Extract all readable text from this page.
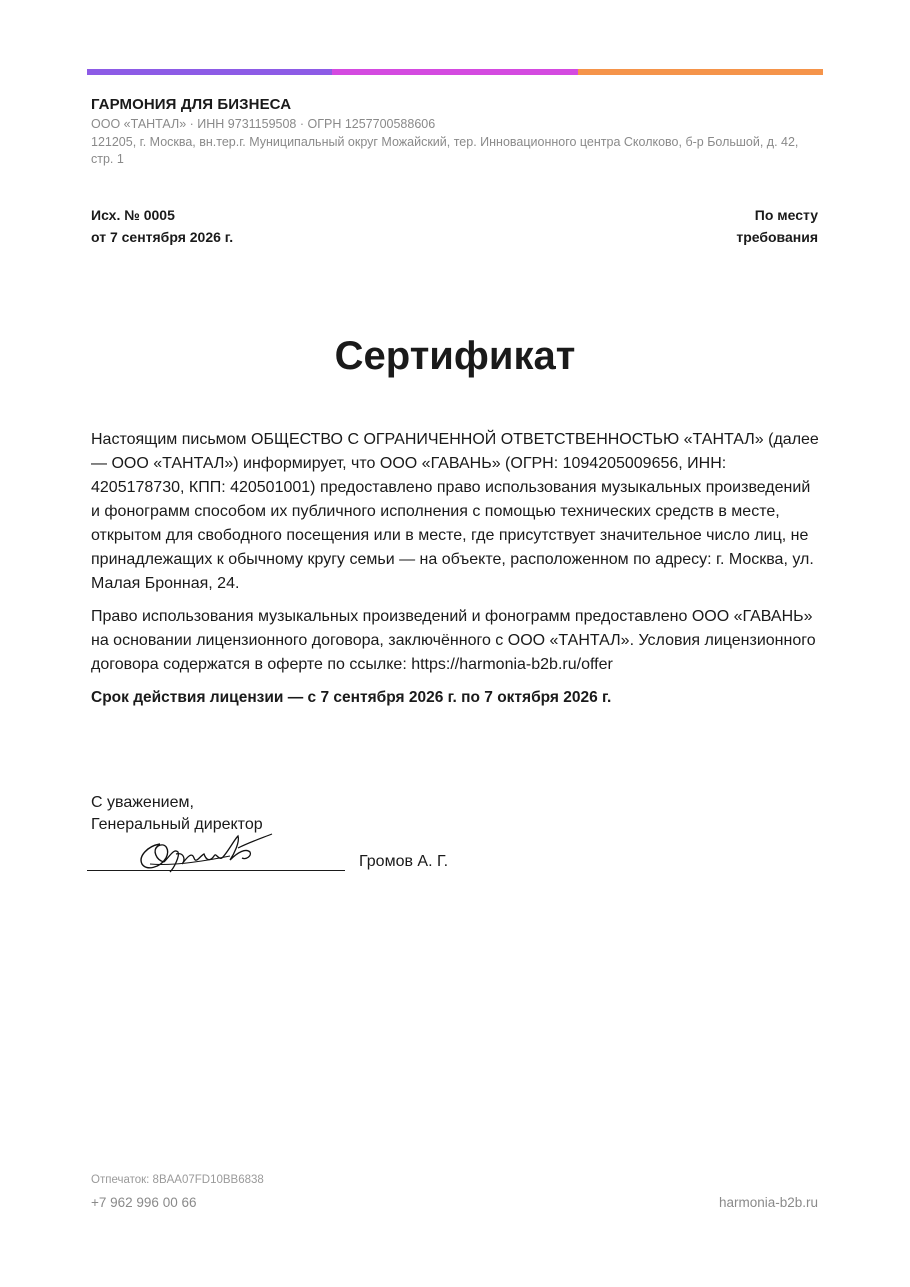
ГАРМОНИЯ ДЛЯ БИЗНЕСА
ООО «ТАНТАЛ» · ИНН 9731159508 · ОГРН 1257700588606
121205, г. Москва, вн.тер.г. Муниципальный округ Можайский, тер. Инновационного центра Сколково, б-р Большой, д. 42, стр. 1
Исх. № 0005
от 7 сентября 2026 г.
По месту
требования
Сертификат

Настоящим письмом ОБЩЕСТВО С ОГРАНИЧЕННОЙ ОТВЕТСТВЕННОСТЬЮ «ТАНТАЛ» (далее — ООО «ТАНТАЛ») информирует, что ООО «ГАВАНЬ» (ОГРН: 1094205009656, ИНН: 4205178730, КПП: 420501001) предоставлено право использования музыкальных произведений и фонограмм способом их публичного исполнения с помощью технических средств в месте, открытом для свободного посещения или в месте, где присутствует значительное число лиц, не принадлежащих к обычному кругу семьи — на объекте, расположенном по адресу: г. Москва, ул. Малая Бронная, 24.

Право использования музыкальных произведений и фонограмм предоставлено ООО «ГАВАНЬ» на основании лицензионного договора, заключённого с ООО «ТАНТАЛ». Условия лицензионного договора содержатся в оферте по ссылке: https://harmonia-b2b.ru/offer

Срок действия лицензии — с 7 сентября 2026 г. по 7 октября 2026 г.

С уважением,
Генеральный директор
Громов А. Г.
Отпечаток: 8BAA07FD10BB6838
+7 962 996 00 66	harmonia-b2b.ru
